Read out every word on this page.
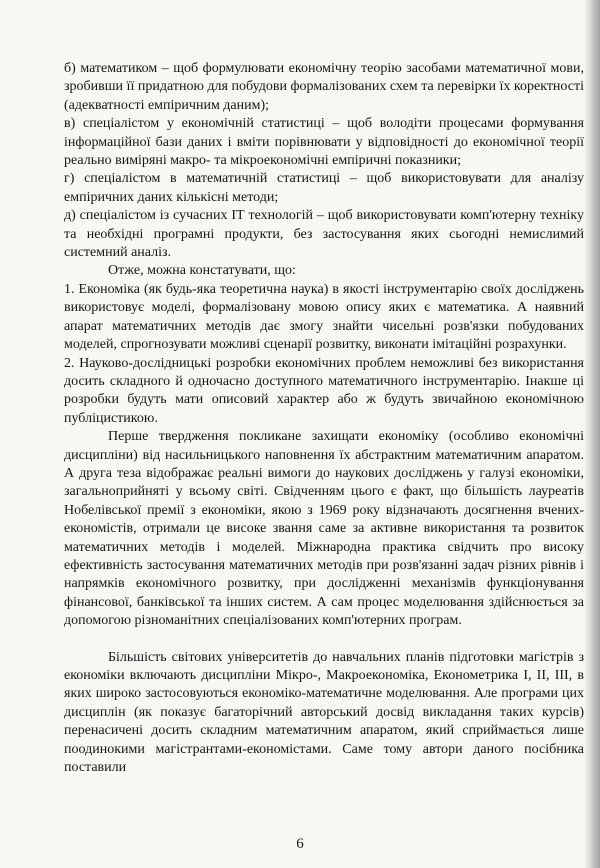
б) математиком – щоб формулювати економічну теорію засобами математичної мови, зробивши її придатною для побудови формалізованих схем та перевірки їх коректності (адекватності емпіричним даним);

в) спеціалістом у економічній статистиці – щоб володіти процесами формування інформаційної бази даних і вміти порівнювати у відповідності до економічної теорії реально виміряні макро- та мікроекономічні емпіричні показники;

г) спеціалістом в математичній статистиці – щоб використовувати для аналізу емпіричних даних кількісні методи;

д) спеціалістом із сучасних ІТ технологій – щоб використовувати комп'ютерну техніку та необхідні програмні продукти, без застосування яких сьогодні немислимий системний аналіз.

Отже, можна констатувати, що:

1. Економіка (як будь-яка теоретична наука) в якості інструментарію своїх досліджень використовує моделі, формалізовану мовою опису яких є математика. А наявний апарат математичних методів дає змогу знайти чисельні розв'язки побудованих моделей, спрогнозувати можливі сценарії розвитку, виконати імітаційні розрахунки.

2. Науково-дослідницькі розробки економічних проблем неможливі без використання досить складного й одночасно доступного математичного інструментарію. Інакше ці розробки будуть мати описовий характер або ж будуть звичайною економічною публіцистикою.

Перше твердження покликане захищати економіку (особливо економічні дисципліни) від насильницького наповнення їх абстрактним математичним апаратом. А друга теза відображає реальні вимоги до наукових досліджень у галузі економіки, загальноприйняті у всьому світі. Свідченням цього є факт, що більшість лауреатів Нобелівської премії з економіки, якою з 1969 року відзначають досягнення вчених-економістів, отримали це високе звання саме за активне використання та розвиток математичних методів і моделей. Міжнародна практика свідчить про високу ефективність застосування математичних методів при розв'язанні задач різних рівнів і напрямків економічного розвитку, при дослідженні механізмів функціонування фінансової, банківської та інших систем. А сам процес моделювання здійснюється за допомогою різноманітних спеціалізованих комп'ютерних програм.

Більшість світових університетів до навчальних планів підготовки магістрів з економіки включають дисципліни Мікро-, Макроекономіка, Економетрика І, ІІ, ІІІ, в яких широко застосовуються економіко-математичне моделювання. Але програми цих дисциплін (як показує багаторічний авторський досвід викладання таких курсів) перенасичені досить складним математичним апаратом, який сприймається лише поодинокими магістрантами-економістами. Саме тому автори даного посібника поставили

6
